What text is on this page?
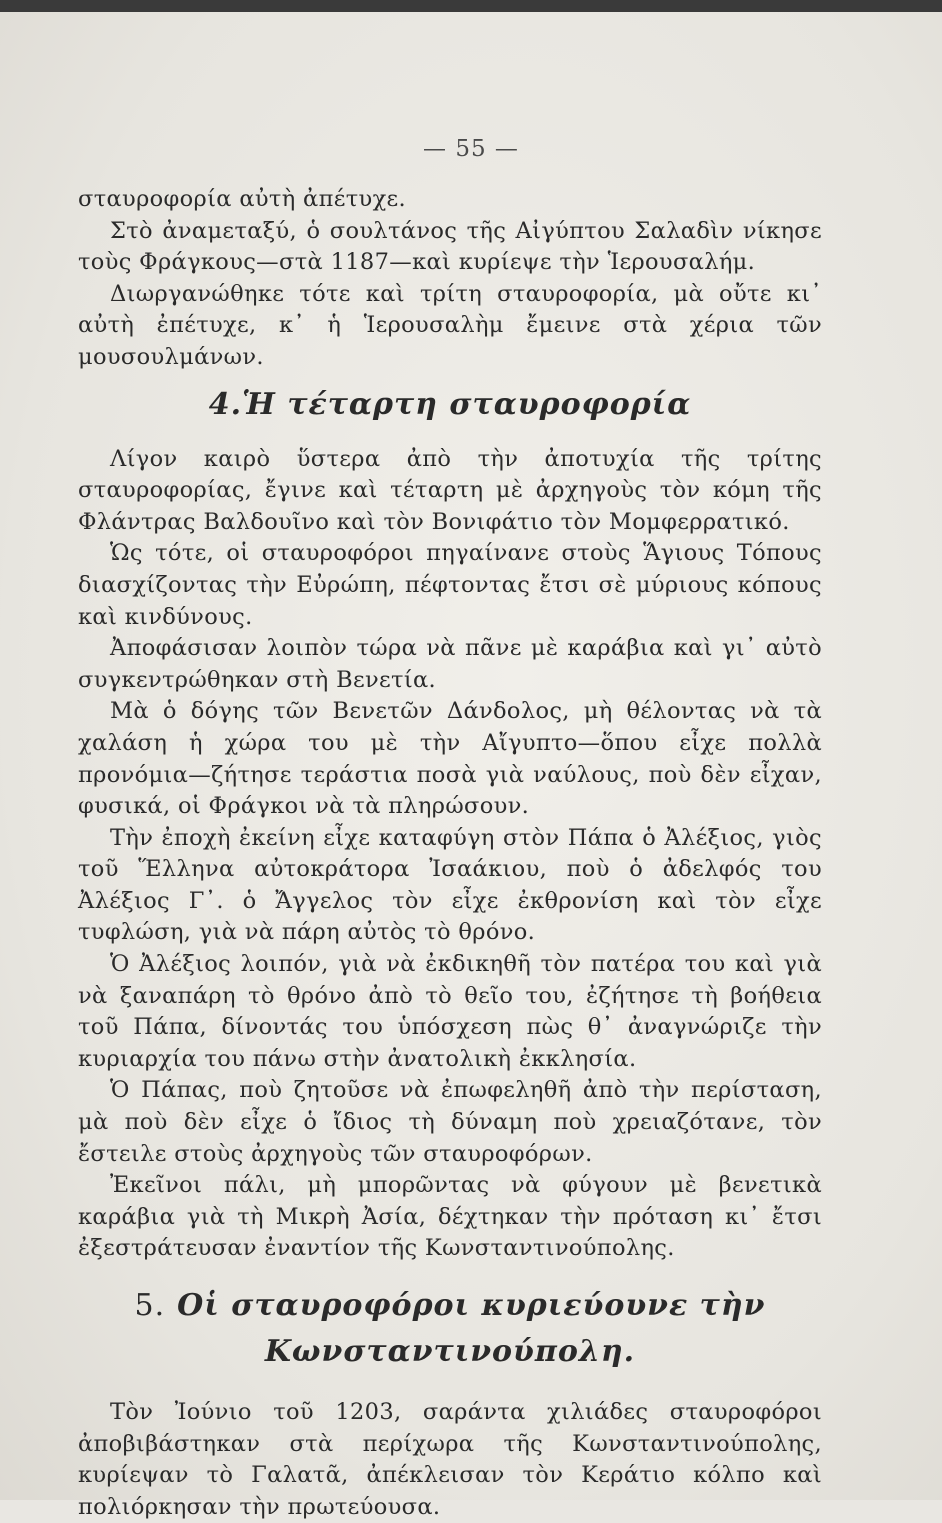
— 55 —

σταυροφορία αὐτὴ ἀπέτυχε.

Στὸ ἀναμεταξύ, ὁ σουλτάνος τῆς Αἰγύπτου Σαλαδὶν νίκησε τοὺς Φράγκους—στὰ 1187—καὶ κυρίεψε τὴν Ἱερουσαλήμ.

Διωργανώθηκε τότε καὶ τρίτη σταυροφορία, μὰ οὔτε κι᾽ αὐτὴ ἐπέτυχε, κ᾽ ἡ Ἱερουσαλὴμ ἔμεινε στὰ χέρια τῶν μουσουλμάνων.

4.Ἡ τέταρτη σταυροφορία

Λίγον καιρὸ ὕστερα ἀπὸ τὴν ἀποτυχία τῆς τρίτης σταυροφορίας, ἔγινε καὶ τέταρτη μὲ ἀρχηγοὺς τὸν κόμη τῆς Φλάντρας Βαλδουῖνο καὶ τὸν Βονιφάτιο τὸν Μομφερρατικό.

Ὡς τότε, οἱ σταυροφόροι πηγαίνανε στοὺς Ἅγιους Τόπους διασχίζοντας τὴν Εὐρώπη, πέφτοντας ἔτσι σὲ μύριους κόπους καὶ κινδύνους.

Ἀποφάσισαν λοιπὸν τώρα νὰ πᾶνε μὲ καράβια καὶ γι᾽ αὐτὸ συγκεντρώθηκαν στὴ Βενετία.

Μὰ ὁ δόγης τῶν Βενετῶν Δάνδολος, μὴ θέλοντας νὰ τὰ χαλάση ἡ χώρα του μὲ τὴν Αἴγυπτο—ὅπου εἶχε πολλὰ προνόμια—ζήτησε τεράστια ποσὰ γιὰ ναύλους, ποὺ δὲν εἶχαν, φυσικά, οἱ Φράγκοι νὰ τὰ πληρώσουν.

Τὴν ἐποχὴ ἐκείνη εἶχε καταφύγη στὸν Πάπα ὁ Ἀλέξιος, γιὸς τοῦ Ἕλληνα αὐτοκράτορα Ἰσαάκιου, ποὺ ὁ ἀδελφός του Ἀλέξιος Γ᾽. ὁ Ἄγγελος τὸν εἶχε ἐκθρονίση καὶ τὸν εἶχε τυφλώση, γιὰ νὰ πάρη αὐτὸς τὸ θρόνο.

Ὁ Ἀλέξιος λοιπόν, γιὰ νὰ ἐκδικηθῆ τὸν πατέρα του καὶ γιὰ νὰ ξαναπάρη τὸ θρόνο ἀπὸ τὸ θεῖο του, ἐζήτησε τὴ βοήθεια τοῦ Πάπα, δίνοντάς του ὑπόσχεση πὼς θ᾽ ἀναγνώριζε τὴν κυριαρχία του πάνω στὴν ἀνατολικὴ ἐκκλησία.

Ὁ Πάπας, ποὺ ζητοῦσε νὰ ἐπωφεληθῆ ἀπὸ τὴν περίσταση, μὰ ποὺ δὲν εἶχε ὁ ἴδιος τὴ δύναμη ποὺ χρειαζότανε, τὸν ἔστειλε στοὺς ἀρχηγοὺς τῶν σταυροφόρων.

Ἐκεῖνοι πάλι, μὴ μπορῶντας νὰ φύγουν μὲ βενετικὰ καράβια γιὰ τὴ Μικρὴ Ἀσία, δέχτηκαν τὴν πρόταση κι᾽ ἔτσι ἐξεστράτευσαν ἐναντίον τῆς Κωνσταντινούπολης.

5. Οἱ σταυροφόροι κυριεύουνε τὴν
Κωνσταντινούπολη.

Τὸν Ἰούνιο τοῦ 1203, σαράντα χιλιάδες σταυροφόροι ἀποβιβάστηκαν στὰ περίχωρα τῆς Κωνσταντινούπολης, κυρίεψαν τὸ Γαλατᾶ, ἀπέκλεισαν τὸν Κεράτιο κόλπο καὶ πολιόρκησαν τὴν πρωτεύουσα.
